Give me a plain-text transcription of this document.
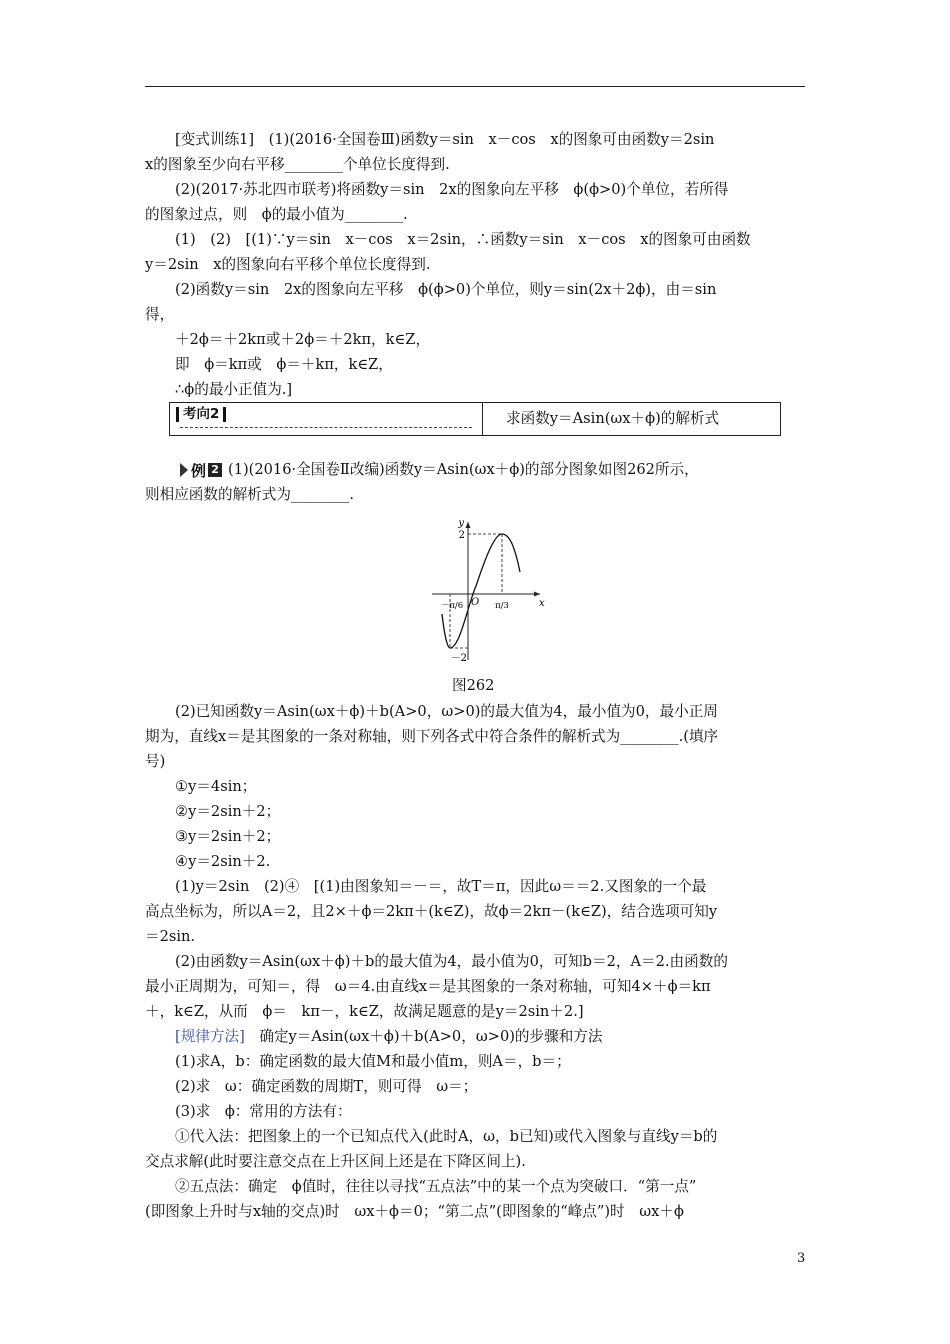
[变式训练1]　(1)(2016·全国卷Ⅲ)函数y＝sin　x－cos　x的图象可由函数y＝2sin
x的图象至少向右平移________个单位长度得到.
(2)(2017·苏北四市联考)将函数y＝sin　2x的图象向左平移　ϕ(ϕ>0)个单位，若所得
的图象过点，则　ϕ的最小值为________.
(1)　(2)　[(1)∵y＝sin　x－cos　x＝2sin，∴函数y＝sin　x－cos　x的图象可由函数
y＝2sin　x的图象向右平移个单位长度得到.
(2)函数y＝sin　2x的图象向左平移　ϕ(ϕ>0)个单位，则y＝sin(2x＋2ϕ)，由＝sin
得，
＋2ϕ＝＋2kπ或＋2ϕ＝＋2kπ，k∈Z，
即　ϕ＝kπ或　ϕ＝＋kπ，k∈Z，
∴ϕ的最小正值为.]
考向2	求函数y＝Asin(ωx＋ϕ)的解析式
例 2 (1)(2016·全国卷Ⅱ改编)函数y＝Asin(ωx＋ϕ)的部分图象如图262所示，
则相应函数的解析式为________.
y
x
O
2
－2
－π/6	π/3
图262
(2)已知函数y＝Asin(ωx＋ϕ)＋b(A>0，ω>0)的最大值为4，最小值为0，最小正周
期为，直线x＝是其图象的一条对称轴，则下列各式中符合条件的解析式为________.(填序
号)
①y＝4sin；
②y＝2sin＋2；
③y＝2sin＋2；
④y＝2sin＋2.
(1)y＝2sin　(2)④　[(1)由图象知＝－＝，故T＝π，因此ω＝＝2.又图象的一个最
高点坐标为，所以A＝2，且2×＋ϕ＝2kπ＋(k∈Z)，故ϕ＝2kπ－(k∈Z)，结合选项可知y
＝2sin.
(2)由函数y＝Asin(ωx＋ϕ)＋b的最大值为4，最小值为0，可知b＝2，A＝2.由函数的
最小正周期为，可知＝，得　ω＝4.由直线x＝是其图象的一条对称轴，可知4×＋ϕ＝kπ
＋，k∈Z，从而　ϕ＝　kπ－，k∈Z，故满足题意的是y＝2sin＋2.]
[规律方法]　确定y＝Asin(ωx＋ϕ)＋b(A>0，ω>0)的步骤和方法
(1)求A，b：确定函数的最大值M和最小值m，则A＝，b＝；
(2)求　ω：确定函数的周期T，则可得　ω＝；
(3)求　ϕ：常用的方法有：
①代入法：把图象上的一个已知点代入(此时A，ω，b已知)或代入图象与直线y＝b的
交点求解(此时要注意交点在上升区间上还是在下降区间上).
②五点法：确定　ϕ值时，往往以寻找“五点法”中的某一个点为突破口．“第一点”
(即图象上升时与x轴的交点)时　ωx＋ϕ＝0；“第二点”(即图象的“峰点”)时　ωx＋ϕ
3
